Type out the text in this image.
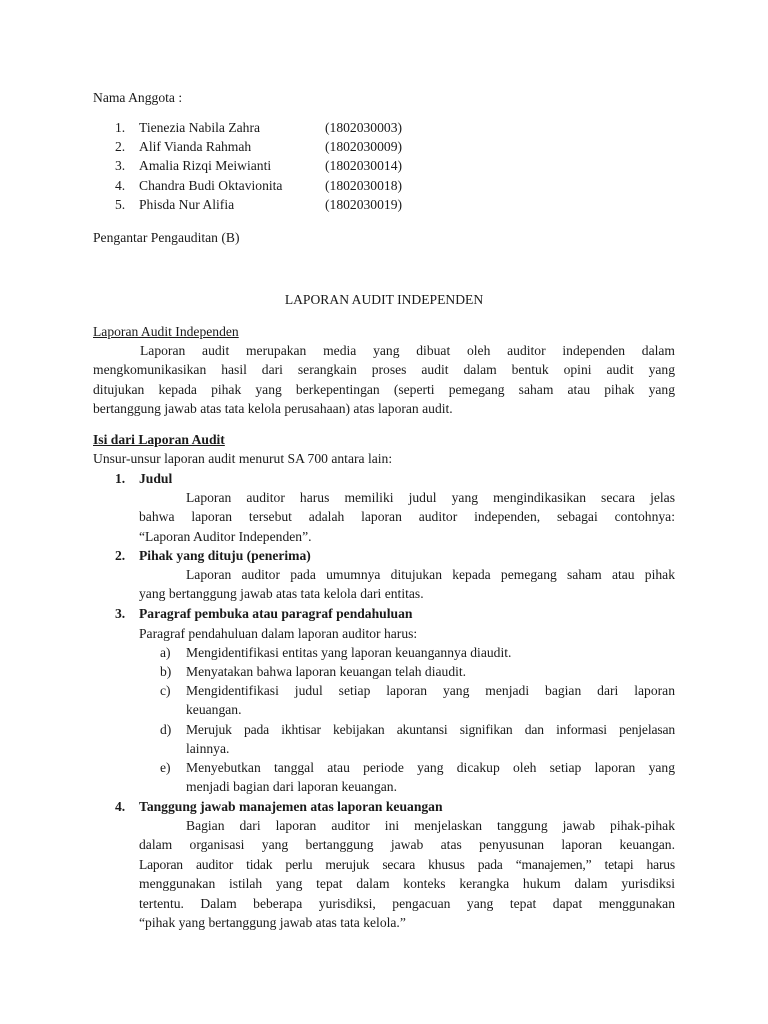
Nama Anggota :
1. Tienezia Nabila Zahra	(1802030003)
2. Alif Vianda Rahmah	(1802030009)
3. Amalia Rizqi Meiwianti	(1802030014)
4. Chandra Budi Oktavionita	(1802030018)
5. Phisda Nur Alifia	(1802030019)
Pengantar Pengauditan (B)
LAPORAN AUDIT INDEPENDEN
Laporan Audit Independen
Laporan audit merupakan media yang dibuat oleh auditor independen dalam
mengkomunikasikan hasil dari serangkain proses audit dalam bentuk opini audit yang
ditujukan kepada pihak yang berkepentingan (seperti pemegang saham atau pihak yang
bertanggung jawab atas tata kelola perusahaan) atas laporan audit.
Isi dari Laporan Audit
Unsur-unsur laporan audit menurut SA 700 antara lain:
1. Judul
Laporan auditor harus memiliki judul yang mengindikasikan secara jelas
bahwa laporan tersebut adalah laporan auditor independen, sebagai contohnya:
“Laporan Auditor Independen”.
2. Pihak yang dituju (penerima)
Laporan auditor pada umumnya ditujukan kepada pemegang saham atau pihak
yang bertanggung jawab atas tata kelola dari entitas.
3. Paragraf pembuka atau paragraf pendahuluan
Paragraf pendahuluan dalam laporan auditor harus:
a) Mengidentifikasi entitas yang laporan keuangannya diaudit.
b) Menyatakan bahwa laporan keuangan telah diaudit.
c) Mengidentifikasi judul setiap laporan yang menjadi bagian dari laporan
keuangan.
d) Merujuk pada ikhtisar kebijakan akuntansi signifikan dan informasi penjelasan
lainnya.
e) Menyebutkan tanggal atau periode yang dicakup oleh setiap laporan yang
menjadi bagian dari laporan keuangan.
4. Tanggung jawab manajemen atas laporan keuangan
Bagian dari laporan auditor ini menjelaskan tanggung jawab pihak-pihak
dalam organisasi yang bertanggung jawab atas penyusunan laporan keuangan.
Laporan auditor tidak perlu merujuk secara khusus pada “manajemen,” tetapi harus
menggunakan istilah yang tepat dalam konteks kerangka hukum dalam yurisdiksi
tertentu. Dalam beberapa yurisdiksi, pengacuan yang tepat dapat menggunakan
“pihak yang bertanggung jawab atas tata kelola.”
